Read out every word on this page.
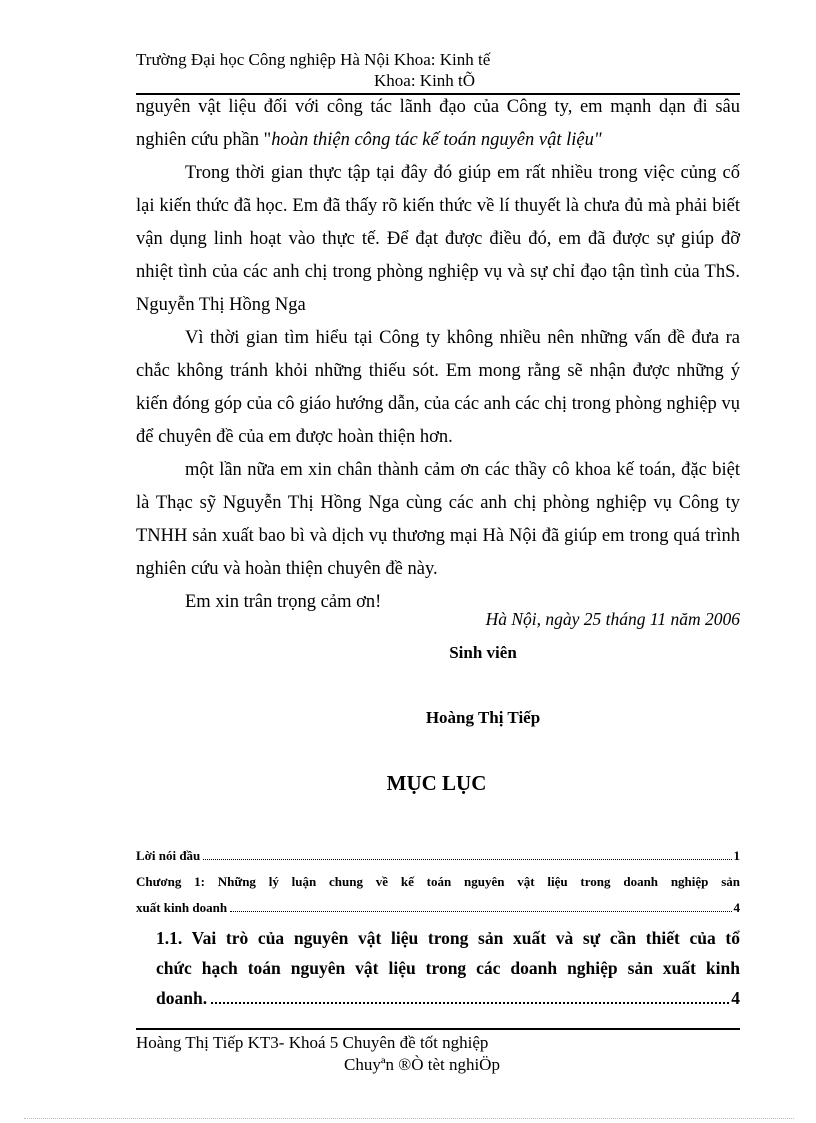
Trường Đại học Công nghiệp Hà Nội Khoa: Kinh tế
Khoa: Kinh tÕ

nguyên vật liệu đối với công tác lãnh đạo của Công ty, em mạnh dạn đi sâu

nghiên cứu phần "hoàn thiện công tác kế toán nguyên vật liệu"

Trong thời gian thực tập tại đây đó giúp em rất nhiều trong việc củng cố lại kiến thức đã học. Em đã thấy rõ kiến thức về lí thuyết là chưa đủ mà phải biết vận dụng linh hoạt vào thực tế. Để đạt được điều đó, em đã được sự giúp đỡ nhiệt tình của các anh chị trong phòng nghiệp vụ và sự chỉ đạo tận tình của ThS. Nguyễn Thị Hồng Nga

Vì thời gian tìm hiểu tại Công ty không nhiều nên những vấn đề đưa ra chắc không tránh khỏi những thiếu sót. Em mong rằng sẽ nhận được những ý kiến đóng góp của cô giáo hướng dẫn, của các anh các chị trong phòng nghiệp vụ để chuyên đề của em được hoàn thiện hơn.

một lần nữa em xin chân thành cảm ơn các thầy cô khoa kế toán, đặc biệt là Thạc sỹ Nguyễn Thị Hồng Nga cùng các anh chị phòng nghiệp vụ Công ty TNHH sản xuất bao bì và dịch vụ thương mại Hà Nội đã giúp em trong quá trình nghiên cứu và hoàn thiện chuyên đề này.

Em xin trân trọng cảm ơn!

Hà Nội, ngày 25 tháng 11 năm 2006
Sinh viên
Hoàng Thị Tiếp
MỤC LỤC
Lời nói đầu	1
Chương 1: Những lý luận chung về kế toán nguyên vật liệu trong doanh nghiệp sản
xuất kinh doanh	4
1.1. Vai trò của nguyên vật liệu trong sản xuất và sự cần thiết của tổ
chức hạch toán nguyên vật liệu trong các doanh nghiệp sản xuất kinh
doanh.	4
Hoàng Thị Tiếp KT3- Khoá 5 Chuyên đề tốt nghiệp
Chuyªn ®Ò tèt nghiÖp
